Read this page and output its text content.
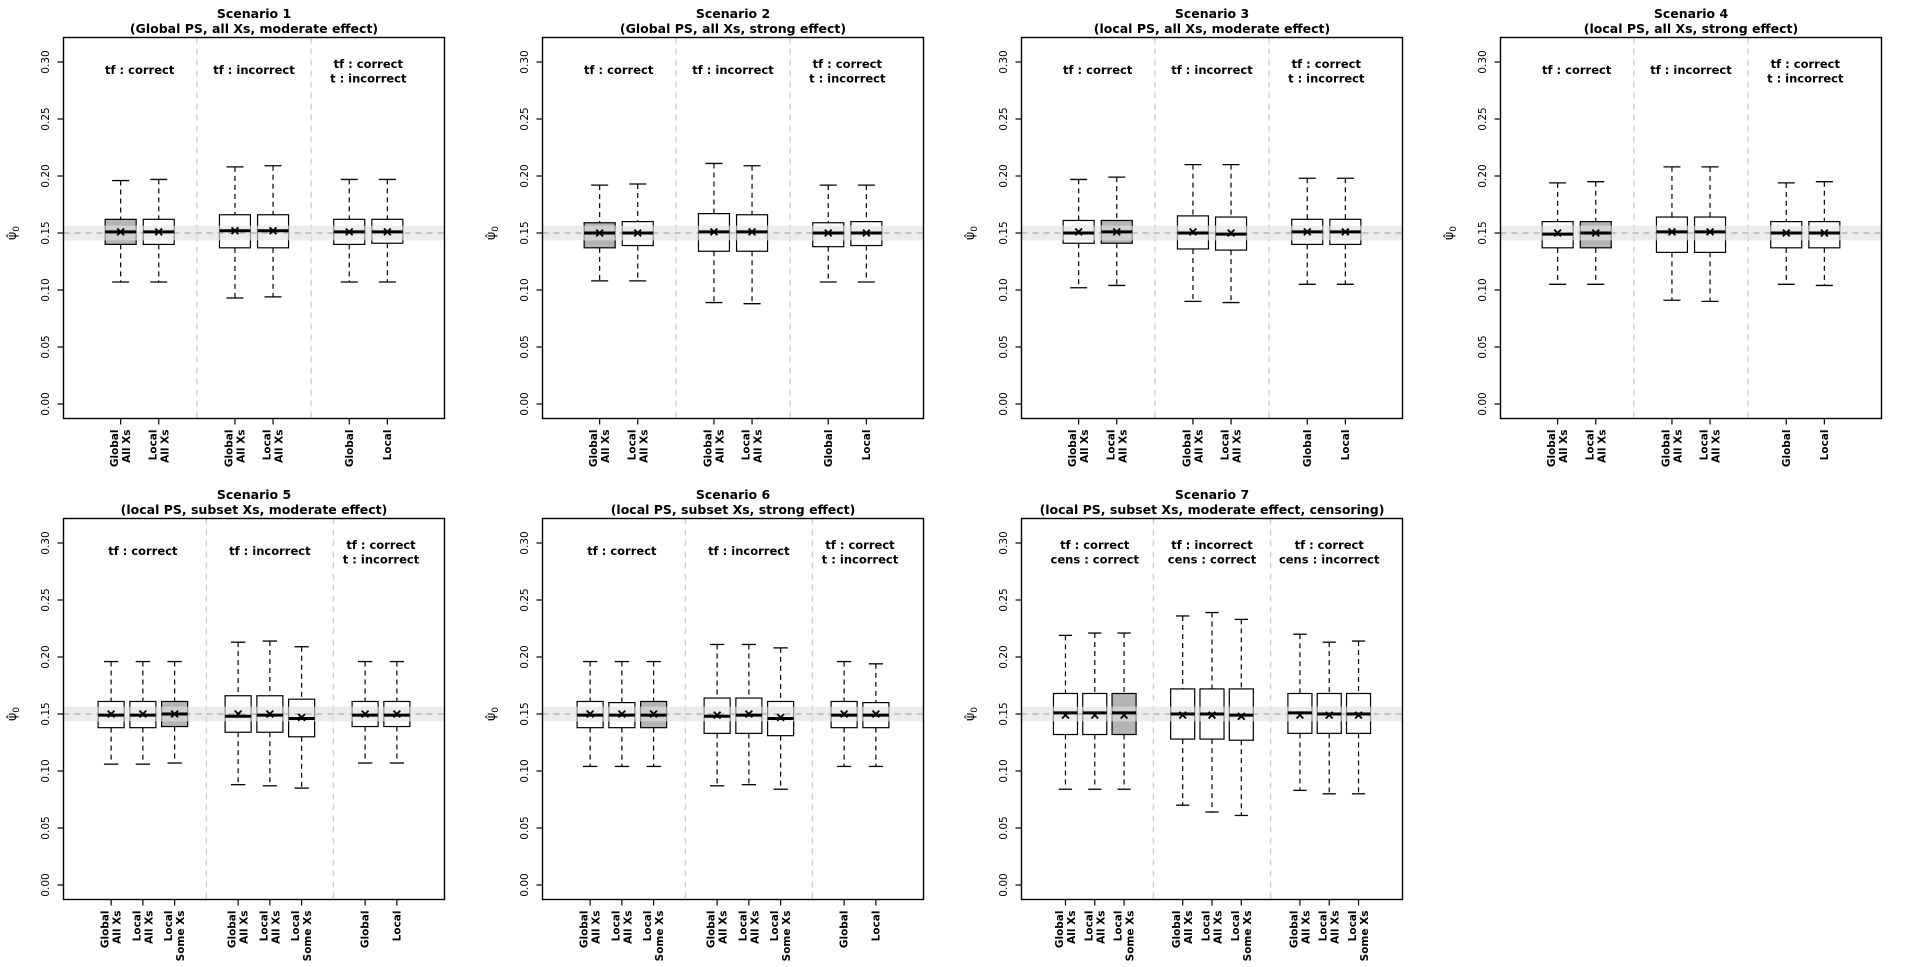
Scenario 1
(Global PS, all Xs, moderate effect)
0.00
0.05
0.10
0.15
0.20
0.25
0.30
$\psî_0$
tf : correct	tf : incorrect	tf : correct
t : incorrect
Global All Xs Local All Xs	Global All Xs Local All Xs	Global Local
Scenario 2
(Global PS, all Xs, strong effect)
0.00
0.05
0.10
0.15
0.20
0.25
0.30
$\psî_0$
tf : correct	tf : incorrect	tf : correct
t : incorrect
Global All Xs Local All Xs	Global All Xs Local All Xs	Global Local
Scenario 3
(local PS, all Xs, moderate effect)
0.00
0.05
0.10
0.15
0.20
0.25
0.30
$\psî_0$
tf : correct	tf : incorrect	tf : correct
t : incorrect
Global All Xs Local All Xs	Global All Xs Local All Xs	Global Local
Scenario 4
(local PS, all Xs, strong effect)
0.00
0.05
0.10
0.15
0.20
0.25
0.30
$\psî_0$
tf : correct	tf : incorrect	tf : correct
t : incorrect
Global All Xs Local All Xs	Global All Xs Local All Xs	Global Local
Scenario 5
(local PS, subset Xs, moderate effect)
0.00
0.05
0.10
0.15
0.20
0.25
0.30
$\psî_0$
tf : correct	tf : incorrect	tf : correct
t : incorrect
Global All Xs Local All Xs Local Some Xs	Global All Xs Local All Xs Local Some Xs	Global Local
Scenario 6
(local PS, subset Xs, strong effect)
0.00
0.05
0.10
0.15
0.20
0.25
0.30
$\psî_0$
tf : correct	tf : incorrect	tf : correct
t : incorrect
Global All Xs Local All Xs Local Some Xs	Global All Xs Local All Xs Local Some Xs	Global Local
Scenario 7
(local PS, subset Xs, moderate effect, censoring)
0.00
0.05
0.10
0.15
0.20
0.25
0.30
$\psî_0$
tf : correct
cens : correct
tf : incorrect
cens : correct
tf : correct
cens : incorrect
Global All Xs Local All Xs Local Some Xs	Global All Xs Local All Xs Local Some Xs	Global All Xs Local All Xs Local Some Xs
